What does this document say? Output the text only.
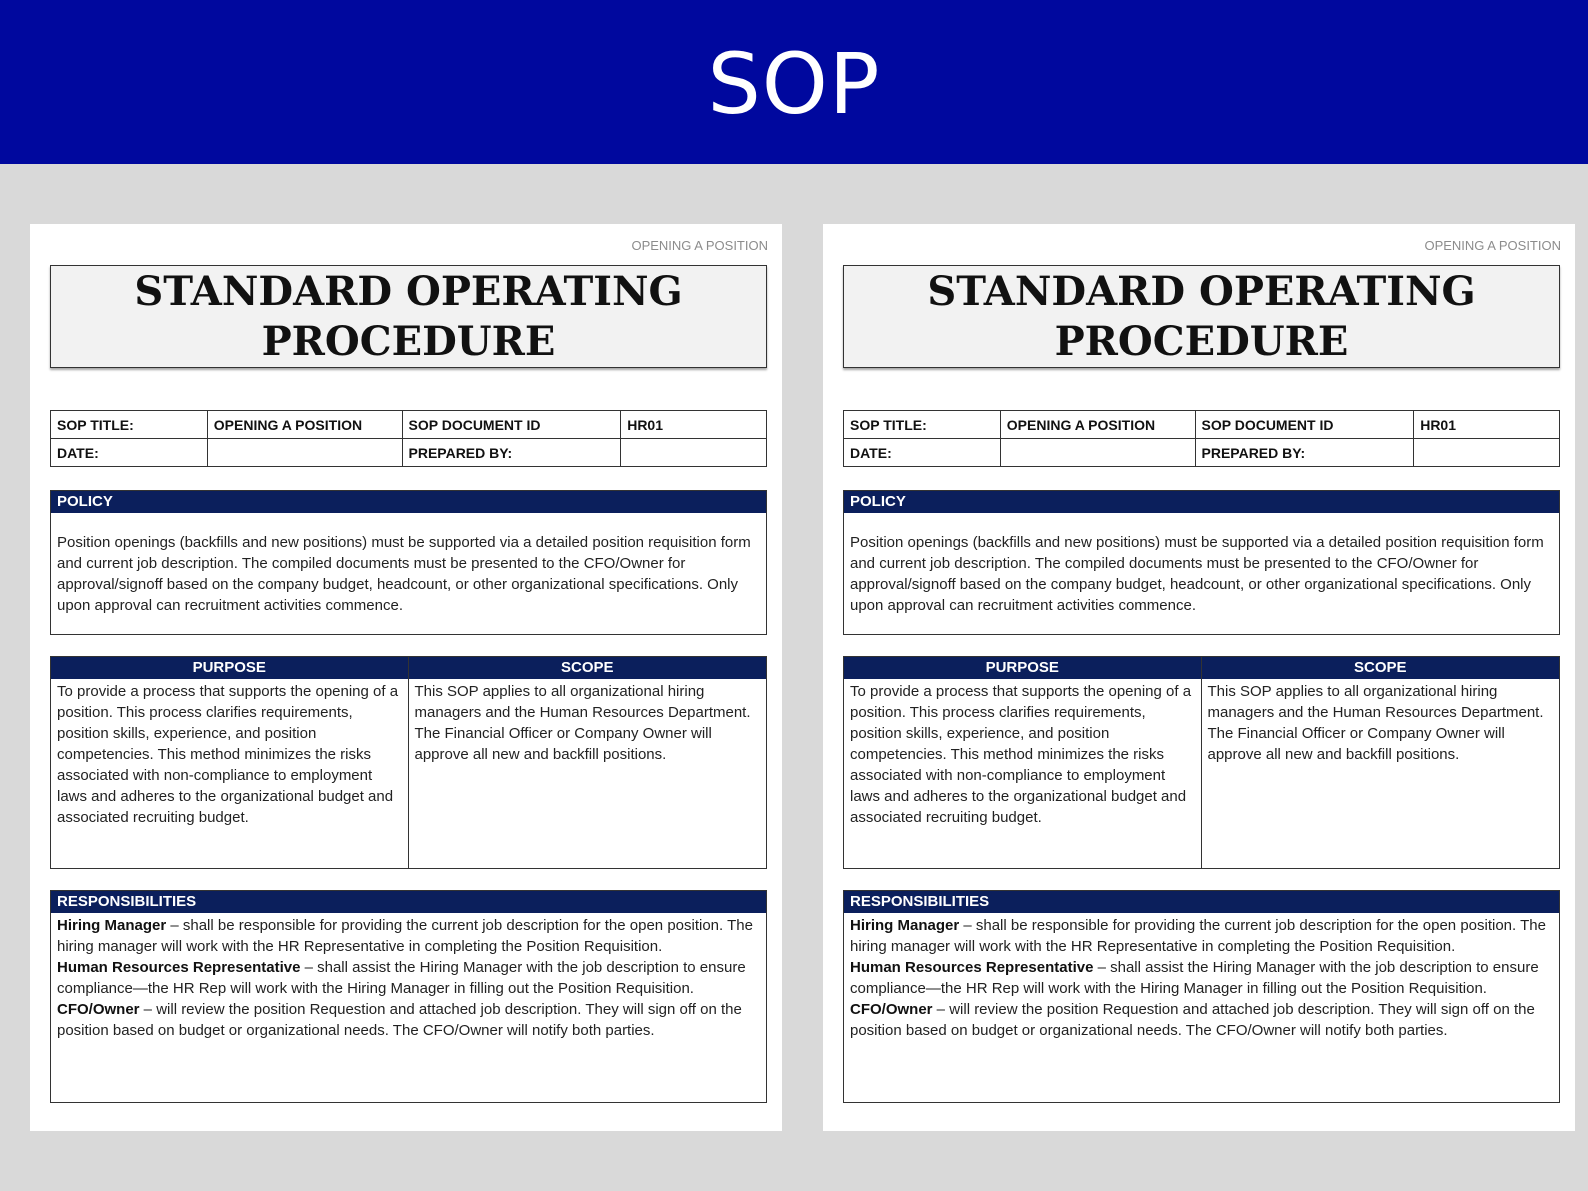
SOP
OPENING A POSITION
STANDARD OPERATING
PROCEDURE
SOP TITLE:	OPENING A POSITION	SOP DOCUMENT ID	HR01
DATE:		PREPARED BY:	
POLICY
Position openings (backfills and new positions) must be supported via a detailed position requisition form and current job description. The compiled documents must be presented to the CFO/Owner for approval/signoff based on the company budget, headcount, or other organizational specifications. Only upon approval can recruitment activities commence.
PURPOSE
To provide a process that supports the opening of a position. This process clarifies requirements, position skills, experience, and position competencies. This method minimizes the risks associated with non-compliance to employment laws and adheres to the organizational budget and associated recruiting budget.
SCOPE
This SOP applies to all organizational hiring managers and the Human Resources Department. The Financial Officer or Company Owner will approve all new and backfill positions.
RESPONSIBILITIES
Hiring Manager – shall be responsible for providing the current job description for the open position. The hiring manager will work with the HR Representative in completing the Position Requisition.
Human Resources Representative – shall assist the Hiring Manager with the job description to ensure compliance—the HR Rep will work with the Hiring Manager in filling out the Position Requisition.
CFO/Owner – will review the position Requestion and attached job description. They will sign off on the position based on budget or organizational needs. The CFO/Owner will notify both parties.
OPENING A POSITION
STANDARD OPERATING
PROCEDURE
SOP TITLE:	OPENING A POSITION	SOP DOCUMENT ID	HR01
DATE:		PREPARED BY:	
POLICY
Position openings (backfills and new positions) must be supported via a detailed position requisition form and current job description. The compiled documents must be presented to the CFO/Owner for approval/signoff based on the company budget, headcount, or other organizational specifications. Only upon approval can recruitment activities commence.
PURPOSE
To provide a process that supports the opening of a position. This process clarifies requirements, position skills, experience, and position competencies. This method minimizes the risks associated with non-compliance to employment laws and adheres to the organizational budget and associated recruiting budget.
SCOPE
This SOP applies to all organizational hiring managers and the Human Resources Department. The Financial Officer or Company Owner will approve all new and backfill positions.
RESPONSIBILITIES
Hiring Manager – shall be responsible for providing the current job description for the open position. The hiring manager will work with the HR Representative in completing the Position Requisition.
Human Resources Representative – shall assist the Hiring Manager with the job description to ensure compliance—the HR Rep will work with the Hiring Manager in filling out the Position Requisition.
CFO/Owner – will review the position Requestion and attached job description. They will sign off on the position based on budget or organizational needs. The CFO/Owner will notify both parties.
